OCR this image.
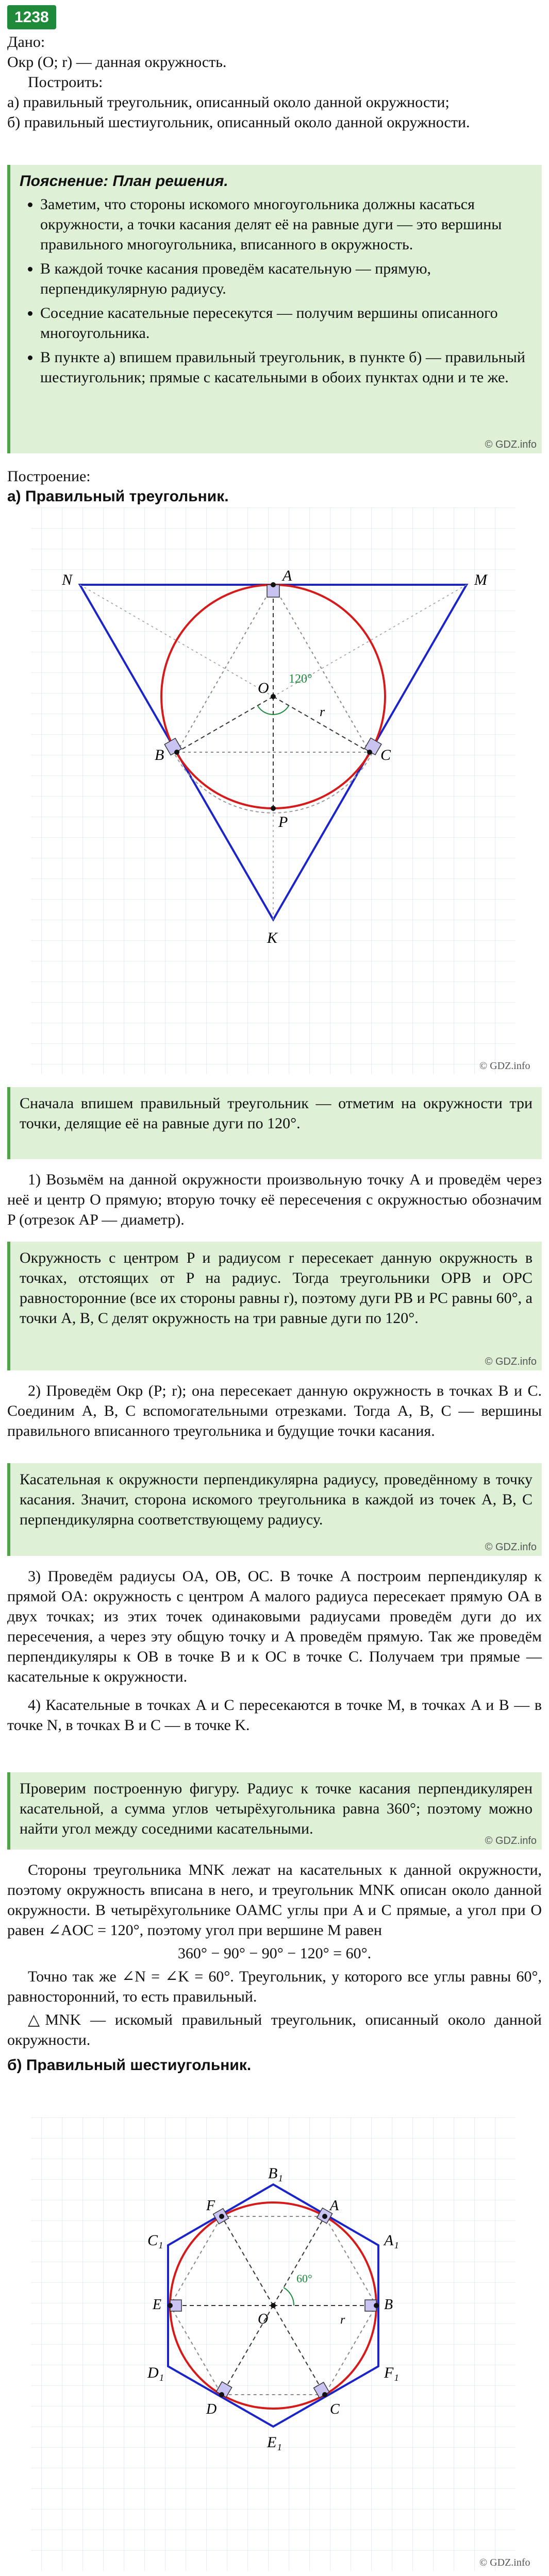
1238

Дано:

Окр (O; r) — данная окружность.

Построить:

а) правильный треугольник, описанный около данной окружности;

б) правильный шестиугольник, описанный около данной окружности.

Пояснение: План решения.
• Заметим, что стороны искомого многоугольника должны касаться окружности, а точки касания делят её на равные дуги — это вершины правильного многоугольника, вписанного в окружность.
• В каждой точке касания проведём касательную — прямую, перпендикулярную радиусу.
• Соседние касательные пересекутся — получим вершины описанного многоугольника.
• В пункте а) впишем правильный треугольник, в пункте б) — правильный шестиугольник; прямые с касательными в обоих пунктах одни и те же.
© GDZ.info

Построение:

а) Правильный треугольник.

N	M
K
A
B	C
O
P
r
120°
© GDZ.info

Сначала впишем правильный треугольник — отметим на окружности три точки, делящие её на равные дуги по 120°.

1) Возьмём на данной окружности произвольную точку A и проведём через неё и центр O прямую; вторую точку её пересечения с окружностью обозначим P (отрезок AP — диаметр).

Окружность с центром P и радиусом r пересекает данную окружность в точках, отстоящих от P на радиус. Тогда треугольники OPB и OPC равносторонние (все их стороны равны r), поэтому дуги PB и PC равны 60°, а точки A, B, C делят окружность на три равные дуги по 120°.

© GDZ.info

2) Проведём Окр (P; r); она пересекает данную окружность в точках B и C. Соединим A, B, C вспомогательными отрезками. Тогда A, B, C — вершины правильного вписанного треугольника и будущие точки касания.

Касательная к окружности перпендикулярна радиусу, проведённому в точку касания. Значит, сторона искомого треугольника в каждой из точек A, B, C перпендикулярна соответствующему радиусу.

© GDZ.info

3) Проведём радиусы OA, OB, OC. В точке A построим перпендикуляр к прямой OA: окружность с центром A малого радиуса пересекает прямую OA в двух точках; из этих точек одинаковыми радиусами проведём дуги до их пересечения, а через эту общую точку и A проведём прямую. Так же проведём перпендикуляры к OB в точке B и к OC в точке C. Получаем три прямые — касательные к окружности.

4) Касательные в точках A и C пересекаются в точке M, в точках A и B — в точке N, в точках B и C — в точке K.

Проверим построенную фигуру. Радиус к точке касания перпендикулярен касательной, а сумма углов четырёхугольника равна 360°; поэтому можно найти угол между соседними касательными.

© GDZ.info

Стороны треугольника MNK лежат на касательных к данной окружности, поэтому окружность вписана в него, и треугольник MNK описан около данной окружности. В четырёхугольнике OAMC углы при A и C прямые, а угол при O равен ∠AOC = 120°, поэтому угол при вершине M равен

360° − 90° − 90° − 120° = 60°.

Точно так же ∠N = ∠K = 60°. Треугольник, у которого все углы равны 60°, равносторонний, то есть правильный.

△MNK — искомый правильный треугольник, описанный около данной окружности.

б) Правильный шестиугольник.

B₁
C₁	A₁
D₁	F₁
E₁
A
B
C
D
E
F
O	r
60°
© GDZ.info
